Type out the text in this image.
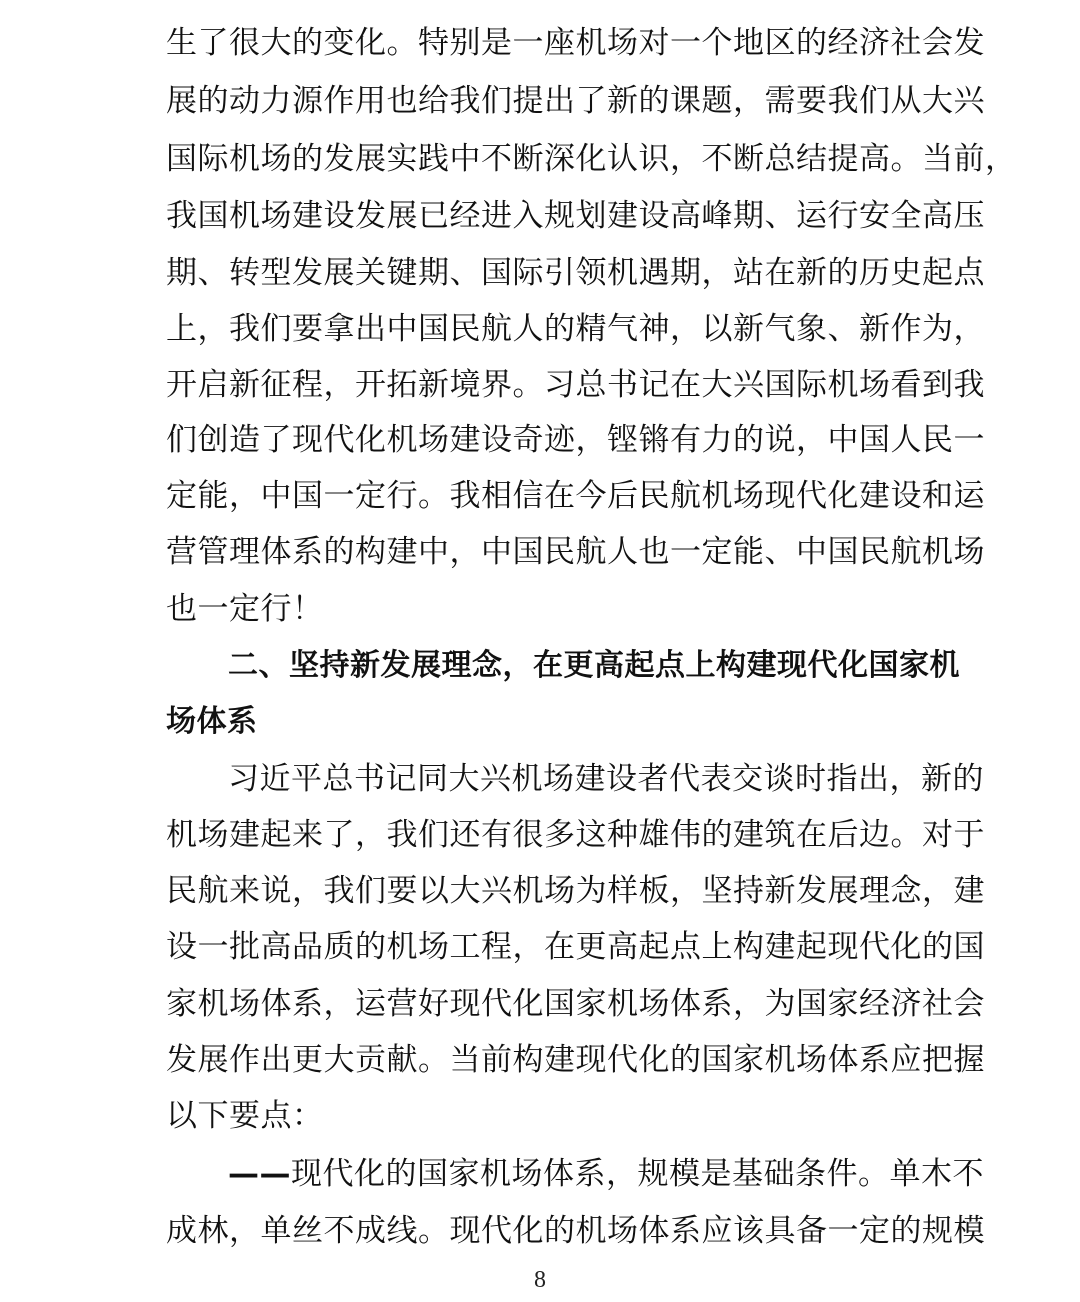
生了很大的变化。特别是一座机场对一个地区的经济社会发
展的动力源作用也给我们提出了新的课题，需要我们从大兴
国际机场的发展实践中不断深化认识，不断总结提高。当前，
我国机场建设发展已经进入规划建设高峰期、运行安全高压
期、转型发展关键期、国际引领机遇期，站在新的历史起点
上，我们要拿出中国民航人的精气神，以新气象、新作为，
开启新征程，开拓新境界。习总书记在大兴国际机场看到我
们创造了现代化机场建设奇迹，铿锵有力的说，中国人民一
定能，中国一定行。我相信在今后民航机场现代化建设和运
营管理体系的构建中，中国民航人也一定能、中国民航机场
也一定行！
二、坚持新发展理念，在更高起点上构建现代化国家机
场体系
习近平总书记同大兴机场建设者代表交谈时指出，新的
机场建起来了，我们还有很多这种雄伟的建筑在后边。对于
民航来说，我们要以大兴机场为样板，坚持新发展理念，建
设一批高品质的机场工程，在更高起点上构建起现代化的国
家机场体系，运营好现代化国家机场体系，为国家经济社会
发展作出更大贡献。当前构建现代化的国家机场体系应把握
以下要点：
——现代化的国家机场体系，规模是基础条件。单木不
成林，单丝不成线。现代化的机场体系应该具备一定的规模
8
